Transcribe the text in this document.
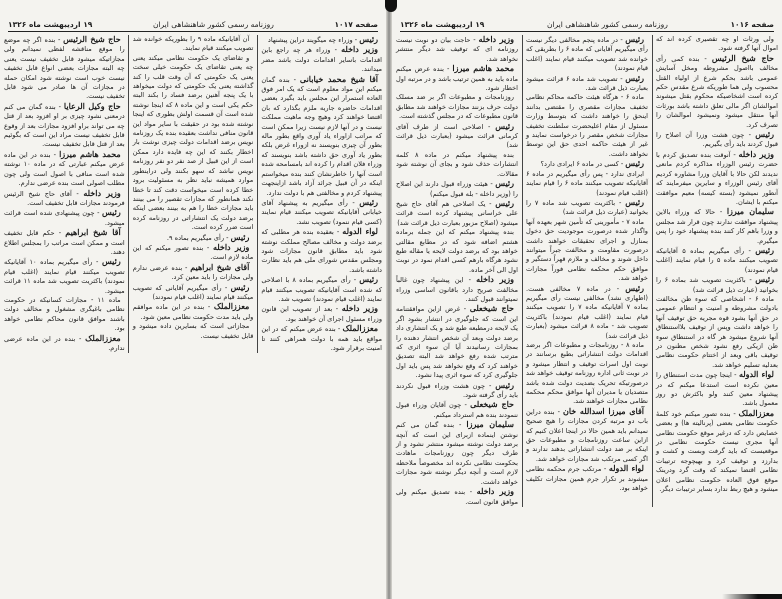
صفحه ۱۰۱۷
روزنامه رسمی کشور شاهنشاهی ایران
۱۹ اردیبهشت ماه ۱۳۲۶

رئیس - وزراء چه میگویند دراین پیشنهاد

وزیر داخله - وزراء هر چه راجع باین اقدامات باسایر اقدامات دولت باشد مضر میدانند.

آقا شیخ محمد خیابانی - بنده گمان میکنم این مواد معلوم است که یک امر فوق العاده استمرار این مجلس باید بگیرد بعضی اقدامات حاضره جاریه ملزم بگذارد که بان اقتضا خواهند کرد وهیچ وجه ماهیت مملکت نیست و در آنها لازم نیست زیرا ممکن است که مراتب ازاوراء یاد آوری واقع بطور ماله بطور آن چیزی بنویسند نه ازوراء غرض بلکه بطور یاد آوری حق داشته باشد بنویسند که وزراء فلان اقدام را کرده اند بامسامحه شده است آنها را خاطرنشان کنند بنده میخواستم اینکه در آن قبیل جرائد آزاد باشد ازاینجهت پیشنهاد کردم و مخالفتی هم با دولت ندارد.

رئیس - رأی میگیریم به پیشنهاد آقای خیابانی آقایانیکه تصویب میکنند قیام نمایند (کسی قیام ننمود) تصویب نشد.

لواء الدوله - بعقیده بنده هر مطلبی که برضد دولت و مخالف مصالح مملکت نوشته شود باید مطابق قانون مجازات شود ومجلس مقدس شورای ملی هم باید نظارت داشته باشد.

رئیس - رأی میگیریم بماده ۸ با اصلاحی که شده است آقایانیکه تصویب میکنند قیام نمایند (اغلب قیام نمودند) تصویب شد.

وزیر داخله - بعد از تصویب این قانون وزراء مسئول اجرای آن خواهند بود.

معززالملک - بنده عرض میکنم که در این مواقع باید همه با دولت همراهی کنند تا امنیت برقرار شود.

آن آقایانیکه ماده ۹ را بطوریکه خوانده شد تصویب میکنند قیام نمایند.

و تقاضای یک حکومت نظامی میکند یعنی چه یعنی تقاضای یک حکومت خیلی سخت یعنی یک حکومتی که آن وقت قلب را کند گذاشته یعنی یک حکومتی که دولت میخواهد با یک پنجه آهنین برضد فساد را بکند البته حکم یکی است و این ماده ۸ که اینجا نوشته شده است آن قسمت اولش بطوری که اینجا نوشته شده بود در حقیقت با سایر مواد این قانون منافی نداشت بعقیده بنده یک روزنامه نویس برضد اقدامات دولت چیزی نوشت بار اخطار بکنند که این چه فایده دارد ممکن است از این قبیل از صد نفر دو نفر روزنامه نویس نباشد که سهو بکنند ولی دراینطور موارد همیشه نباید نظر به مسئولیت برود خطا کرده است میخواست دقت کند تا خطا نکند همانطور که مجازات تقصیر را می بینند باید مجازات خطا را هم به بینند بعضی اینکه برضد دولت یک انتشاراتی در روزنامه کرده است ضرر کرده است.

رئیس - رأی میگیریم بماده ۹.

وزیر داخله - بنده تصور میکنم که این ماده لازم است.

آقای شیخ ابراهیم - بنده عرضی ندارم ولی مجازات را باید معین کرد.

رئیس - رأی میگیریم آقایانی که تصویب میکنند قیام نمایند (اغلب قیام نمودند)

معززالملک - بنده در این ماده موافقم ولی باید مدت حکومت نظامی معین شود.

مجازاتی است که بسایرین داده میشود و قابل تخفیف نیست.

حاج شیخ الرئیس - بنده اگر چه موضع را موقع مناقشه لفظی نمیدانم ولی مجازاتیکه میشود قابل تخفیف نیست یعنی چه البته مجازات بعضی انواع قابل تخفیف نیست خوب است نوشته شود امکان حمله در مجازات آن ها صادر می شود قابل تخفیف نیست.

حاج وکیل الرعایا - بنده گمان می کنم درمعنی نشود چیزی بر او افزود بعد از قتل چه می تواند براو افزود مجازات بعد از وقوع قابل تخفیف نیست مراد این است که بگوئیم بعد از قتل قابل تخفیف نیست.

محمد هاشم میرزا - بنده در این ماده عرض میکنم عبارتی که در ماده ۱۰ نوشته شده است منافی با اصول است ولی چون مطلب اصولی است بنده عرضی ندارم.

وزیر داخله - آقای حاج شیخ الرئیس فرمودند مجازات قابل تخفیف است.

رئیس - چون پیشنهادی شده است قرائت میشود.

آقا شیخ ابراهیم - حکم قابل تخفیف است و ممکن است مراتب را بمجلس اطلاع دهند.

رئیس - رأی میگیریم بماده ۱۰ آقایانیکه تصویب میکنند قیام نمایند (اغلب قیام نمودند) باکثریت تصویب شد ماده ۱۱ قرائت میشود.

ماده ۱۱ - مجازات کسانیکه در حکومت نظامی باغیگری مشغول و مخالف دولت باشند موافق قانون محاکم نظامی خواهد بود.

معززالملک - بنده در این ماده عرضی ندارم.

صفحه ۱۰۱۶
روزنامه رسمی کشور شاهنشاهی ایران
۱۹ اردیبهشت ماه ۱۳۲۶

ولی ورثات او چه تقصیری کرده اند که اموال آنها گرفته شود.

حاج شیخ الرئیس - بنده کمی رأی مخالف بااصول مشروطه ومخل آسایش عمومی باشد بحکم شرع از اولیاء القتل محسوب ولی هما طوریکه شرع مقدس حکم کرده است اشخاصیکه محکوم بقتل میشوند اموالشان اگر مالی تعلق داشته باشد بورثات آنها منتقل میشود ونمیشود اموالشان را تصرف کرد.

رئیس - چون هشت وزرا آن اصلاح را قبول کردند باید رأی بگیریم.

وزیر داخله - آنوقت بنده تصدیق کردم با حضرت رئیس الوزراء مذاکره کردم مانعی ندیدند لکن حالا با آقایان وزرا مشاوره کردیم آقای رئیس الوزراء و سایرین میفرمایند که آنطور نمیشود (بسته کیسه) معیم موافقت میکنم با ایشان.

سلیمان میرزا - حالا که وزراء بالاین پیشنهاد موافقت ندارند چون قرار شد مجلس و وزرا باهم کار کنند بنده پیشنهاد خود را پس میگیرم.

رئیس - رأی میگیریم بماده ۵ آقایانیکه تصویب میکنند ماده ۵ را قیام نمایند (اغلب قیام نمودند)

رئیس - باکثریت تصویب شد بماده ۶ را بخوانید (عبارت ذیل قرائت شد)

ماده ۶ - اشخاصی که سوء ظن مخالفت بادولت مشروطه و امنیت و انتظام عمومی در حق آنها بشود قوه مجریه حق توقیف آنها را خواهد داشت وپس از توقیف بلااستنطاق آنها شروع میشود هر گاه در استنطاق سوء ظن ازیکی رفع نشود شخص مظنون در توقیف باقی وبعد از اختتام حکومت نظامی بعدلیه تسلیم خواهد شد.

لواء الدوله - اینجا چون مدت استنطاق را معین نکرده است استدعا میکنم که در پیشنهاد معین کنند ولو باکثرش دو روز معمول باشد.

معززالملک - بنده تصور میکنم خود کلمهٔ حکومت نظامی بعضی (پرنالیته ها) و بعضی خصایص دارد که درغیر موقع حکومت نظامی آنها مجری نیست حکومت نظامی در موقعیست که باید گرفت وبست و کشت و بدارزد و توقیف کرد و بهیچوجه ترتیبات نظامی اقتضا نمیکند که وقت گرد ودرینک موقع فوق العاده حکومت نظامی اعلان میشود و هیچ ربط ندارد بسایر ترتیبات دیگر.

رئیس - در ماده پنجم مخالفی دیگر نیست رأی میگیریم آقایانی که ماده ۶ را بطریقی که خوانده شد تصویب میکنند قیام نمایند (اغلب قیام نمودند)

رئیس - تصویب شد ماده ۶ قرائت میشود بعبارت ذیل قرائت شد.

ماده ۶ - هرگاه هیئت حاکمه محاکم نظامی تخفیف مجازات مقصری را مقتضی بدانند اینحق را خواهند داشت که بتوسط وزارت مسئول از مقام اعلیحضرت سلطنت تخفیف مجازات شخص مقصر را درخواست نمایند و غیر از هیئت حاکمه احدی حق این توسط نخواهد داشت.

رئیس - کسی در ماده ۶ ایرادی دارد؟

ایرادی ندارد - پس رأی میگیریم در ماده ۶ آقایانیکه تصویب میکنند ماده ۶ را قیام نمایند (اغلب قیام نمودند)

رئیس - باکثریت تصویب شد ماده ۷ را بخوانید (عبارت ذیل قرائت شد)

ماده ۷ - مأمورینی که تأمین شهر بعهده آنها واگذار شده درصورت موجودیت حق دخول بمنازل و اجرای تحقیقات خواهند داشت درصورت مقاومت و مخالفت جبراً میتوانند داخل شوند و مخالف و ملازم قهراً دستگیر و موافق حکم محکمه نظامی فوراً مجازات خواهد شد.

رئیس - در ماده ۷ مخالفی هست. (اظهاری نشد) مخالفی نیست رأی میگیریم بماده ۷ آقایانیکه ماده ۷ را تصویب میکنند قیام نمایند (اغلب قیام نمودند) باکثریت تصویب شد - ماده ۸ قرائت میشود (بعبارت ذیل قرائت شد)

ماده ۸ - روزنامجات و مطبوعات اگر برضد اقدامات دولت انتشاراتی بطبع برسانند در نوبت اول اسرات توقیف و انتظار میشود و در نوبت ثانی اداره روزنامه توقیف خواهد شد درصورتیکه تحریک بضدیت دولت شده باشد متصدیان یا مدیران آنها موافق محکم محکمه نظامی مجازات خواهند شد.

آقای میرزا اسدالله خان - بنده دراین باب دو مرتبه کردن مجازات را هیچ صحیح نمیدانم باید همین حالا در اینجا اعلان کنیم که ازاین ساعت روزنامجات و مطبوعات حق اینکه بر ضد دولت انتشاراتی بدهند ندارند و اگر کسی مرتکب شد مجازات خواهد شد.

لواء الدوله - مرتکب جرم محکمه نظامی میشوند بر تکرار جرم همین مجازات تکلیف خواهد بود.

وزیر داخله - حاجت بیان دو نوبت نیست روزنامه ای که توقیف شد دیگر منتشر نخواهد شد.

محمد هاشم میرزا - بنده عرض میکنم ماده باید به همین ترتیب باشد و در مرتبه اول اخطار شود.

روزنامجات و مطبوعات اگر بر ضد مسلک دولت حرف بزنند مجازات خواهند شد مطابق قانون مطبوعات که در مجلس گذشته است.

رئیس - اصلاحی است از طرف آقای کرمانی قرائت میشود (بعبارت ذیل قرائت شد)

بنده پیشنهاد میکنم در ماده ۸ کلمه انتشارات حذف شود و بجای آن نوشته شود مقالات.

رئیس - هیئت وزراء قبول دارند این اصلاح را (وزیر داخله - بله قبول میکنم)

رئیس - یک اصلاحی هم آقای حاج شیخ علی خراسانی پیشنهاد کرده است قرائت میشود (اصلاح مزبور بعبارت ذیل قرائت شد)

بنده پیشنهاد میکنم که این جمله برماده هشتم اضافه شود که در مطابع مقالتی خواهد بود که برضد دولت لایحه یا مقاله طبع نشود هرگاه بارهم کسی اقدام نمود در نوبت اول الی آخر ماده.

وزیر داخله - این پیشنهاد چون غالباً مخالفت صریح دارد باقانون اساسی وزراء نمیتوانند قبول کنند.

حاج شیخعلی - غرض ازاین موافقتنامه این است که جلوگیری در انتشار بشود اگر یک لایحه درمطبعه طبع شد و یک انتشاری داد برضد دولت وبعد آن شخص انتشار دهنده را بمجازات رسانیدند آیا آن سوء اثری که مترتب شده رفع خواهد شد البته تصدیق خواهند کرد که وقع نخواهد شد پس باید اول جلوگیری کرد که سوء اثری پیدا نشود.

رئیس - چون هشت وزراء قبول نکردند باید رأی گرفته شود.

حاج شیخعلی - چون آقایان وزراء قبول ننمودند بنده هم استرداد میکنم.

سلیمان میرزا - بنده گمان می کنم نوشتن اینماده ازبرای این است که آنچه برضد دولت نوشته میشود منتشر نشود و از طرف دیگر چون روزنامجات ماهادت بحکومت نظامی نکرده اند مخصوصاً ملاحظه لازم است و آنچه دیگر نوشته شود مجازات خواهد داشت.

وزیر داخله - بنده تصدیق میکنم ولی موافق قانون است.
